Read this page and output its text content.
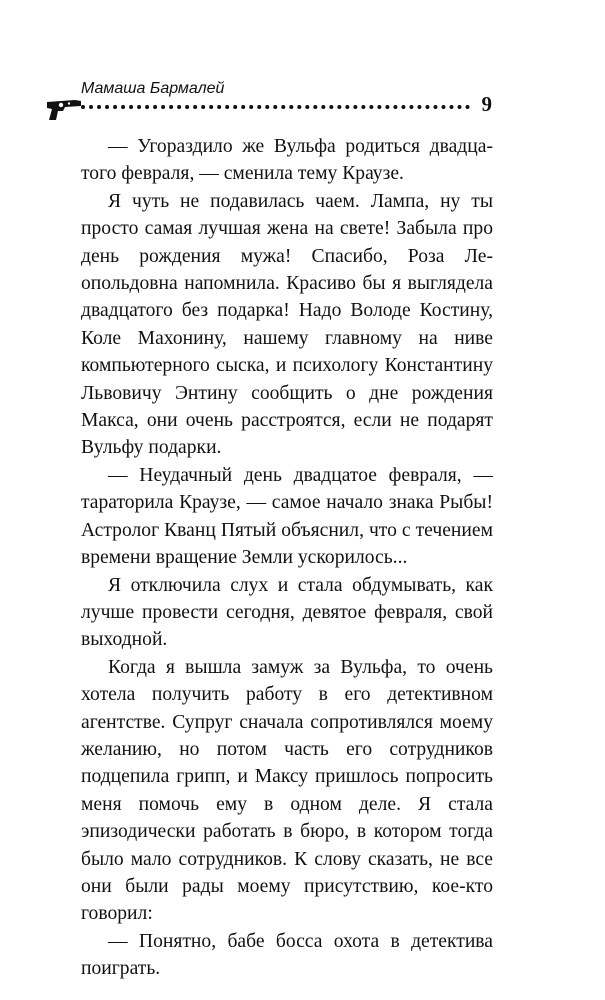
Мамаша Бармалей
9

— Угораздило же Вульфа родиться двадцатого февраля, — сменила тему Краузе.

Я чуть не подавилась чаем. Лампа, ну ты просто самая лучшая жена на свете! Забыла про день рождения мужа! Спасибо, Роза Леопольдовна напомнила. Красиво бы я выглядела двадцатого без подарка! Надо Володе Костину, Коле Махонину, нашему главному на ниве компьютерного сыска, и психологу Константину Львовичу Энтину сообщить о дне рождения Макса, они очень расстроятся, если не подарят Вульфу подарки.

— Неудачный день двадцатое февраля, — тараторила Краузе, — самое начало знака Рыбы! Астролог Кванц Пятый объяснил, что с течением времени вращение Земли ускорилось...

Я отключила слух и стала обдумывать, как лучше провести сегодня, девятое февраля, свой выходной.

Когда я вышла замуж за Вульфа, то очень хотела получить работу в его детективном агентстве. Супруг сначала сопротивлялся моему желанию, но потом часть его сотрудников подцепила грипп, и Максу пришлось попросить меня помочь ему в одном деле. Я стала эпизодически работать в бюро, в котором тогда было мало сотрудников. К слову сказать, не все они были рады моему присутствию, кое-кто говорил:

— Понятно, бабе босса охота в детектива поиграть.
